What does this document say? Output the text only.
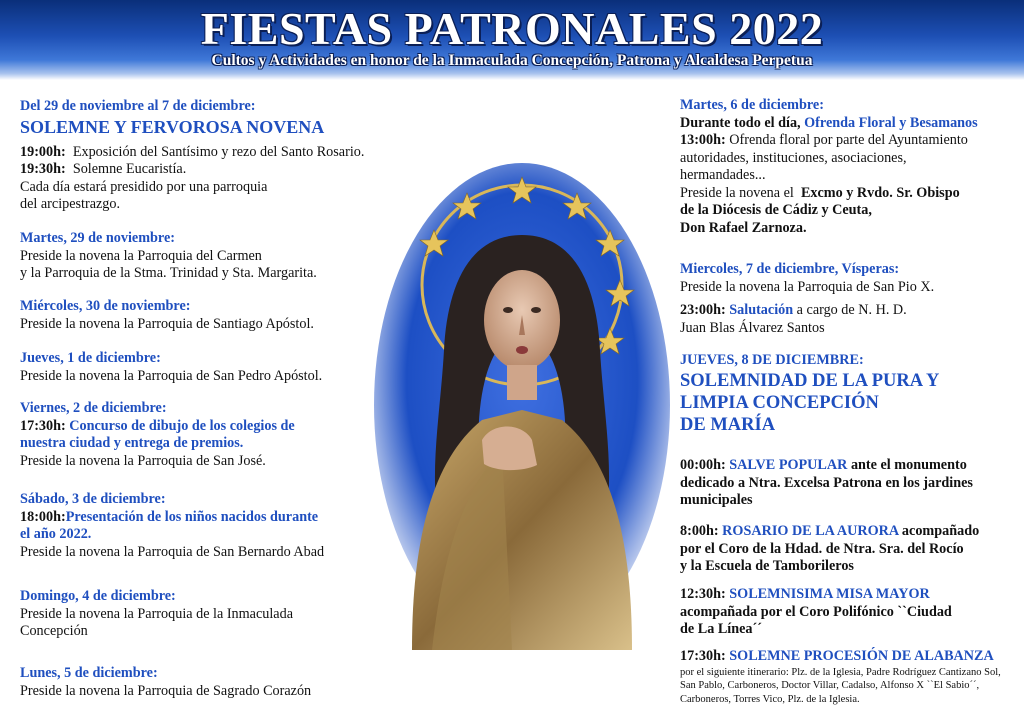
FIESTAS PATRONALES 2022
Cultos y Actividades en honor de la Inmaculada Concepción, Patrona y Alcaldesa Perpetua
Del 29 de noviembre al 7 de diciembre:
SOLEMNE Y FERVOROSA NOVENA
19:00h: Exposición del Santísimo y rezo del Santo Rosario.
19:30h: Solemne Eucaristía.
Cada día estará presidido por una parroquia
del arcipestrazgo.
Martes, 29 de noviembre:
Preside la novena la Parroquia del Carmen
y la Parroquia de la Stma. Trinidad y Sta. Margarita.
Miércoles, 30 de noviembre:
Preside la novena la Parroquia de Santiago Apóstol.
Jueves, 1 de diciembre:
Preside la novena la Parroquia de San Pedro Apóstol.
Viernes, 2 de diciembre:
17:30h: Concurso de dibujo de los colegios de
nuestra ciudad y entrega de premios.
Preside la novena la Parroquia de San José.
Sábado, 3 de diciembre:
18:00h:Presentación de los niños nacidos durante
el año 2022.
Preside la novena la Parroquia de San Bernardo Abad
Domingo, 4 de diciembre:
Preside la novena la Parroquia de la Inmaculada
Concepción
Lunes, 5 de diciembre:
Preside la novena la Parroquia de Sagrado Corazón
Martes, 6 de diciembre:
Durante todo el día, Ofrenda Floral y Besamanos
13:00h: Ofrenda floral por parte del Ayuntamiento
autoridades, instituciones, asociaciones,
hermandades...
Preside la novena el Excmo y Rvdo. Sr. Obispo
de la Diócesis de Cádiz y Ceuta,
Don Rafael Zarnoza.
Miercoles, 7 de diciembre, Vísperas:
Preside la novena la Parroquia de San Pio X.
23:00h: Salutación a cargo de N. H. D.
Juan Blas Álvarez Santos
JUEVES, 8 DE DICIEMBRE:
SOLEMNIDAD DE LA PURA Y
LIMPIA CONCEPCIÓN
DE MARÍA
00:00h: SALVE POPULAR ante el monumento
dedicado a Ntra. Excelsa Patrona en los jardines
municipales
8:00h: ROSARIO DE LA AURORA acompañado
por el Coro de la Hdad. de Ntra. Sra. del Rocío
y la Escuela de Tamborileros
12:30h: SOLEMNISIMA MISA MAYOR
acompañada por el Coro Polifónico ``Ciudad
de La Línea´´
17:30h: SOLEMNE PROCESIÓN DE ALABANZA
por el siguiente itinerario: Plz. de la Iglesia, Padre Rodríguez Cantizano Sol,
San Pablo, Carboneros, Doctor Villar, Cadalso, Alfonso X ``El Sabio´´,
Carboneros, Torres Vico, Plz. de la Iglesia.
